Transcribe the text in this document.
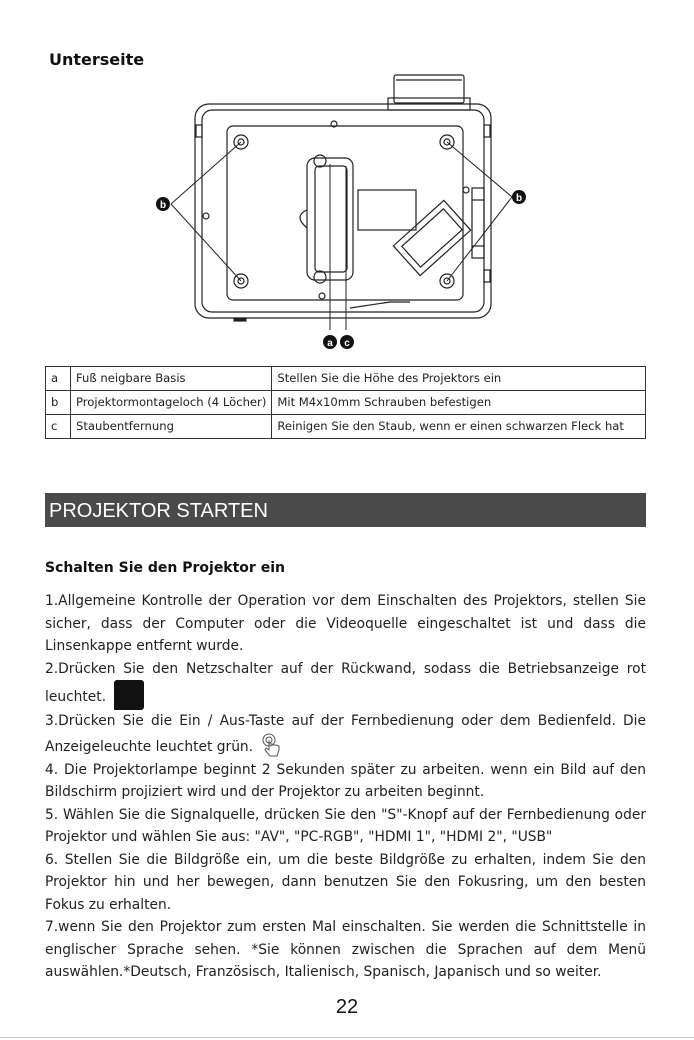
Unterseite
b
b
a c
a	Fuß neigbare Basis	Stellen Sie die Höhe des Projektors ein
b	Projektormontageloch (4 Löcher)	Mit M4x10mm Schrauben befestigen
c	Staubentfernung	Reinigen Sie den Staub, wenn er einen schwarzen Fleck hat
PROJEKTOR STARTEN
Schalten Sie den Projektor ein

1.Allgemeine Kontrolle der Operation vor dem Einschalten des Projektors, stellen Sie sicher, dass der Computer oder die Videoquelle eingeschaltet ist und dass die Linsenkappe entfernt wurde.

2.Drücken Sie den Netzschalter auf der Rückwand, sodass die Betriebsanzeige rot leuchtet.

3.Drücken Sie die Ein / Aus-Taste auf der Fernbedienung oder dem Bedienfeld. Die Anzeigeleuchte leuchtet grün.

4. Die Projektorlampe beginnt 2 Sekunden später zu arbeiten. wenn ein Bild auf den Bildschirm projiziert wird und der Projektor zu arbeiten beginnt.

5. Wählen Sie die Signalquelle, drücken Sie den "S"-Knopf auf der Fernbedienung oder Projektor und wählen Sie aus: "AV", "PC-RGB", "HDMI 1", "HDMI 2", "USB"

6. Stellen Sie die Bildgröße ein, um die beste Bildgröße zu erhalten, indem Sie den Projektor hin und her bewegen, dann benutzen Sie den Fokusring, um den besten Fokus zu erhalten.

7.wenn Sie den Projektor zum ersten Mal einschalten. Sie werden die Schnittstelle in englischer Sprache sehen. *Sie können zwischen die Sprachen auf dem Menü auswählen.*Deutsch, Französisch, Italienisch, Spanisch, Japanisch und so weiter.

22
